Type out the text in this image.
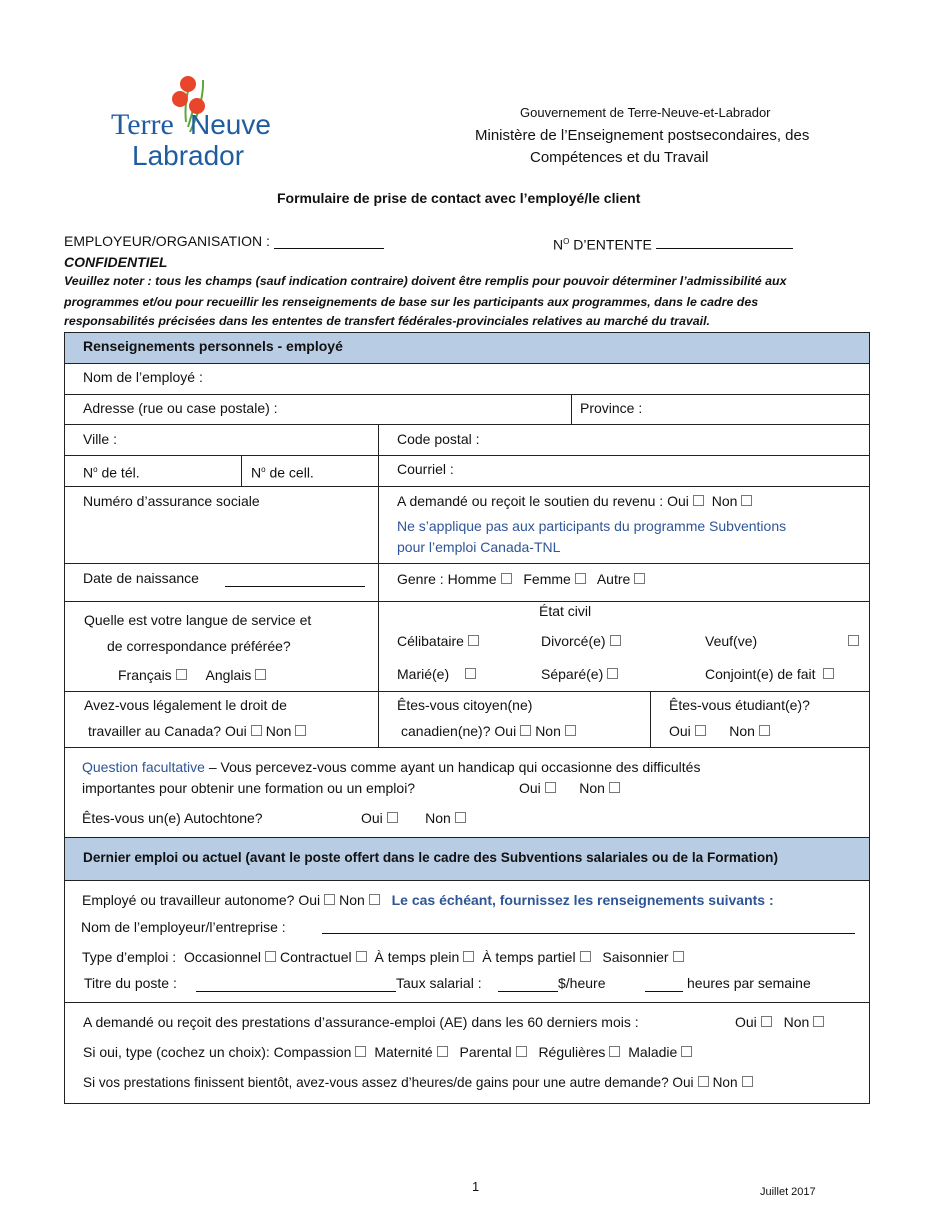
Terre Neuve
Labrador
Gouvernement de Terre-Neuve-et-Labrador
Ministère de l’Enseignement postsecondaires, des
Compétences et du Travail
Formulaire de prise de contact avec l’employé/le client
EMPLOYEUR/ORGANISATION :	$N^O$ D’ENTENTE
CONFIDENTIEL
Veuillez noter : tous les champs (sauf indication contraire) doivent être remplis pour pouvoir déterminer l’admissibilité aux
programmes et/ou pour recueillir les renseignements de base sur les participants aux programmes, dans le cadre des
responsabilités précisées dans les ententes de transfert fédérales-provinciales relatives au marché du travail.
Renseignements personnels - employé
Nom de l’employé :
Adresse (rue ou case postale) :	Province :
Ville :	Code postal :
$N^o$ de tél.	$N^o$ de cell.	Courriel :
Numéro d’assurance sociale	A demandé ou reçoit le soutien du revenu : Oui Non
Ne s’applique pas aux participants du programme Subventions
pour l’emploi Canada-TNL
Date de naissance	Genre : Homme Femme Autre
Quelle est votre langue de service et
de correspondance préférée?
Français Anglais
État civil
Célibataire	Divorcé(e)	Veuf(ve)
Marié(e)	Séparé(e)	Conjoint(e) de fait
Avez-vous légalement le droit de
travailler au Canada? Oui Non
Êtes-vous citoyen(ne)
canadien(ne)? Oui Non
Êtes-vous étudiant(e)?
Oui	Non
Question facultative – Vous percevez-vous comme ayant un handicap qui occasionne des difficultés
importantes pour obtenir une formation ou un emploi?	Oui	Non
Êtes-vous un(e) Autochtone?	Oui	Non
Dernier emploi ou actuel (avant le poste offert dans le cadre des Subventions salariales ou de la Formation)
Employé ou travailleur autonome? Oui Non Le cas échéant, fournissez les renseignements suivants :
Nom de l’employeur/l’entreprise :
Type d’emploi : Occasionnel Contractuel À temps plein À temps partiel Saisonnier
Titre du poste :	Taux salarial :	$/heure	heures par semaine
A demandé ou reçoit des prestations d’assurance-emploi (AE) dans les 60 derniers mois :	Oui Non
Si oui, type (cochez un choix): Compassion Maternité Parental Régulières Maladie
Si vos prestations finissent bientôt, avez-vous assez d’heures/de gains pour une autre demande? Oui Non
1	Juillet 2017
